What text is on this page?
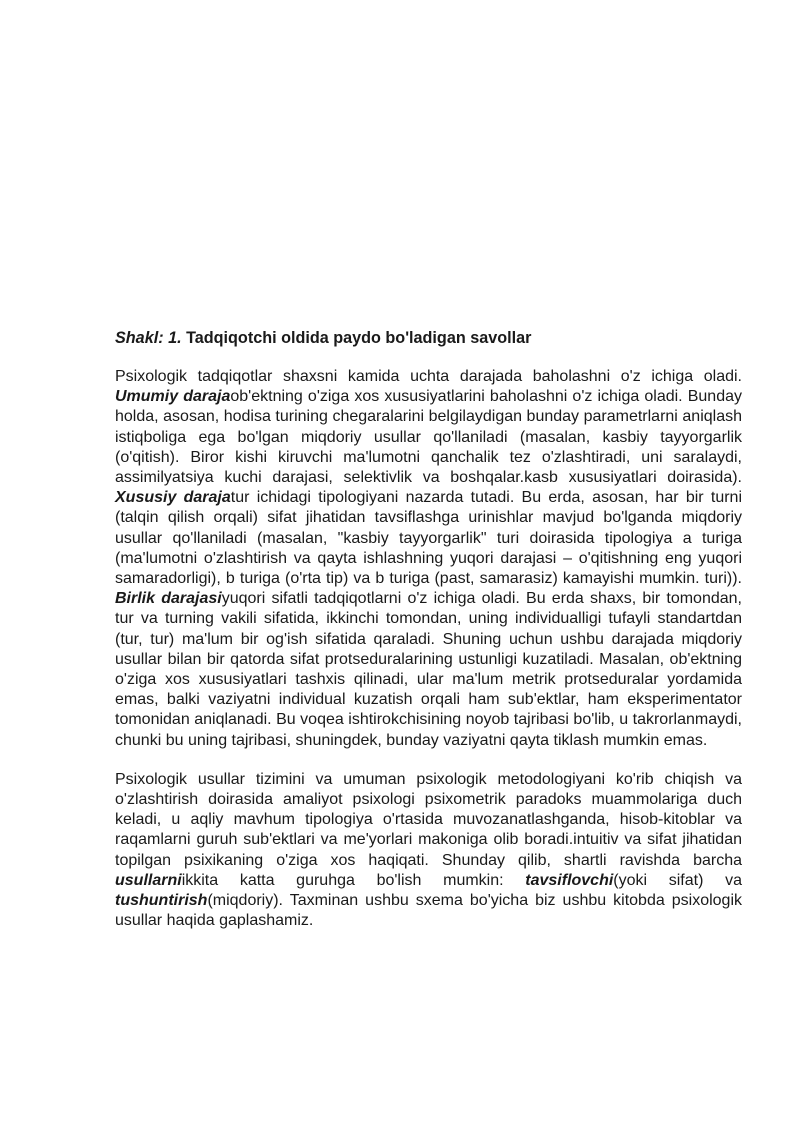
Shakl: 1. Tadqiqotchi oldida paydo bo'ladigan savollar

Psixologik tadqiqotlar shaxsni kamida uchta darajada baholashni o'z ichiga oladi. Umumiy darajaob'ektning o'ziga xos xususiyatlarini baholashni o'z ichiga oladi. Bunday holda, asosan, hodisa turining chegaralarini belgilaydigan bunday parametrlarni aniqlash istiqboliga ega bo'lgan miqdoriy usullar qo'llaniladi (masalan, kasbiy tayyorgarlik (o'qitish). Biror kishi kiruvchi ma'lumotni qanchalik tez o'zlashtiradi, uni saralaydi, assimilyatsiya kuchi darajasi, selektivlik va boshqalar.kasb xususiyatlari doirasida). Xususiy darajatur ichidagi tipologiyani nazarda tutadi. Bu erda, asosan, har bir turni (talqin qilish orqali) sifat jihatidan tavsiflashga urinishlar mavjud bo'lganda miqdoriy usullar qo'llaniladi (masalan, "kasbiy tayyorgarlik" turi doirasida tipologiya a turiga (ma'lumotni o'zlashtirish va qayta ishlashning yuqori darajasi – o'qitishning eng yuqori samaradorligi), b turiga (o'rta tip) va b turiga (past, samarasiz) kamayishi mumkin. turi)). Birlik darajasiyuqori sifatli tadqiqotlarni o'z ichiga oladi. Bu erda shaxs, bir tomondan, tur va turning vakili sifatida, ikkinchi tomondan, uning individualligi tufayli standartdan (tur, tur) ma'lum bir og'ish sifatida qaraladi. Shuning uchun ushbu darajada miqdoriy usullar bilan bir qatorda sifat protseduralarining ustunligi kuzatiladi. Masalan, ob'ektning o'ziga xos xususiyatlari tashxis qilinadi, ular ma'lum metrik protseduralar yordamida emas, balki vaziyatni individual kuzatish orqali ham sub'ektlar, ham eksperimentator tomonidan aniqlanadi. Bu voqea ishtirokchisining noyob tajribasi bo'lib, u takrorlanmaydi, chunki bu uning tajribasi, shuningdek, bunday vaziyatni qayta tiklash mumkin emas.

Psixologik usullar tizimini va umuman psixologik metodologiyani ko'rib chiqish va o'zlashtirish doirasida amaliyot psixologi psixometrik paradoks muammolariga duch keladi, u aqliy mavhum tipologiya o'rtasida muvozanatlashganda, hisob-kitoblar va raqamlarni guruh sub'ektlari va me'yorlari makoniga olib boradi.intuitiv va sifat jihatidan topilgan psixikaning o'ziga xos haqiqati. Shunday qilib, shartli ravishda barcha usullarniikkita katta guruhga bo'lish mumkin: tavsiflovchi(yoki sifat) va tushuntirish(miqdoriy). Taxminan ushbu sxema bo'yicha biz ushbu kitobda psixologik usullar haqida gaplashamiz.
